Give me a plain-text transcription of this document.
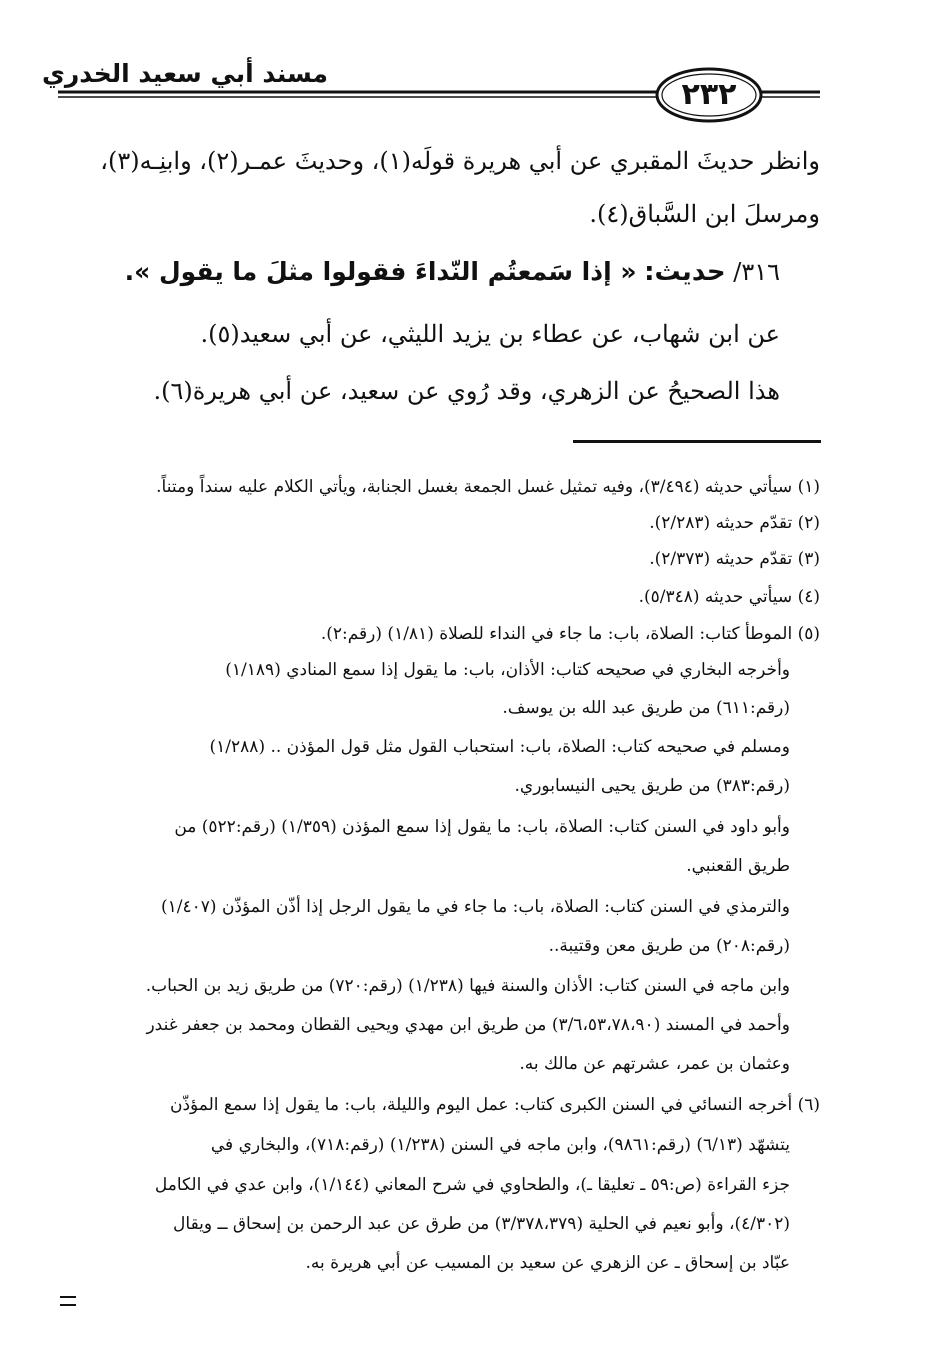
مسند أبي سعيد الخدري
٢٣٢
وانظر حديثَ المقبري عن أبي هريرة قولَه(١)، وحديثَ عمـر(٢)، وابنِـه(٣)،
ومرسلَ ابن السَّباق(٤).
٣١٦/ حديث: « إذا سَمعتُم النّداءَ فقولوا مثلَ ما يقول ».
عن ابن شهاب، عن عطاء بن يزيد الليثي، عن أبي سعيد(٥).
هذا الصحيحُ عن الزهري، وقد رُوي عن سعيد، عن أبي هريرة(٦).
(١) سيأتي حديثه (٣/٤٩٤)، وفيه تمثيل غسل الجمعة بغسل الجنابة، ويأتي الكلام عليه سنداً ومتناً.
(٢) تقدّم حديثه (٢/٢٨٣).
(٣) تقدّم حديثه (٢/٣٧٣).
(٤) سيأتي حديثه (٥/٣٤٨).
(٥) الموطأ كتاب: الصلاة، باب: ما جاء في النداء للصلاة (١/٨١) (رقم:٢).
وأخرجه البخاري في صحيحه كتاب: الأذان، باب: ما يقول إذا سمع المنادي (١/١٨٩)
(رقم:٦١١) من طريق عبد الله بن يوسف.
ومسلم في صحيحه كتاب: الصلاة، باب: استحباب القول مثل قول المؤذن .. (١/٢٨٨)
(رقم:٣٨٣) من طريق يحيى النيسابوري.
وأبو داود في السنن كتاب: الصلاة، باب: ما يقول إذا سمع المؤذن (١/٣٥٩) (رقم:٥٢٢) من
طريق القعنبي.
والترمذي في السنن كتاب: الصلاة، باب: ما جاء في ما يقول الرجل إذا أذّن المؤذّن (١/٤٠٧)
(رقم:٢٠٨) من طريق معن وقتيبة..
وابن ماجه في السنن كتاب: الأذان والسنة فيها (١/٢٣٨) (رقم:٧٢٠) من طريق زيد بن الحباب.
وأحمد في المسند (٣/٦،٥٣،٧٨،٩٠) من طريق ابن مهدي ويحيى القطان ومحمد بن جعفر غندر
وعثمان بن عمر، عشرتهم عن مالك به.
(٦) أخرجه النسائي في السنن الكبرى كتاب: عمل اليوم والليلة، باب: ما يقول إذا سمع المؤذّن
يتشهّد (٦/١٣) (رقم:٩٨٦١)، وابن ماجه في السنن (١/٢٣٨) (رقم:٧١٨)، والبخاري في
جزء القراءة (ص:٥٩ ـ تعليقا ـ)، والطحاوي في شرح المعاني (١/١٤٤)، وابن عدي في الكامل
(٤/٣٠٢)، وأبو نعيم في الحلية (٣/٣٧٨،٣٧٩) من طرق عن عبد الرحمن بن إسحاق ــ ويقال
عبّاد بن إسحاق ـ عن الزهري عن سعيد بن المسيب عن أبي هريرة به.
